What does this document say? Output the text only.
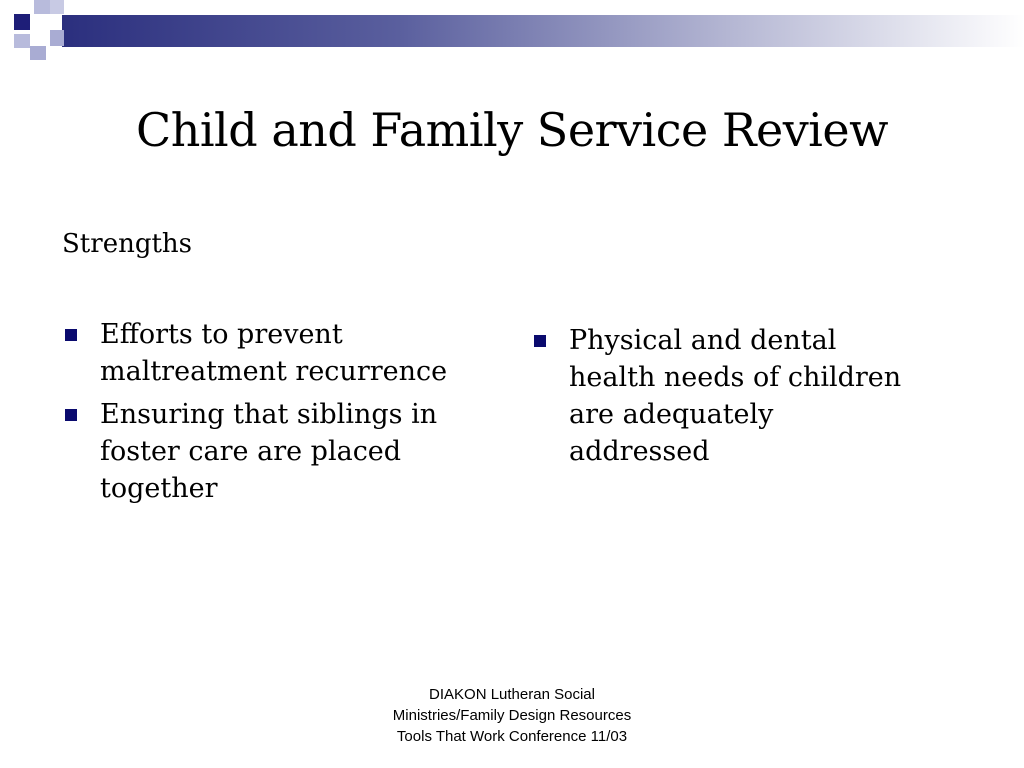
Child and Family Service Review
Strengths
Efforts to prevent
maltreatment recurrence
Ensuring that siblings in
foster care are placed
together
Physical and dental
health needs of children
are adequately
addressed
DIAKON Lutheran Social
Ministries/Family Design Resources
Tools That Work Conference 11/03
